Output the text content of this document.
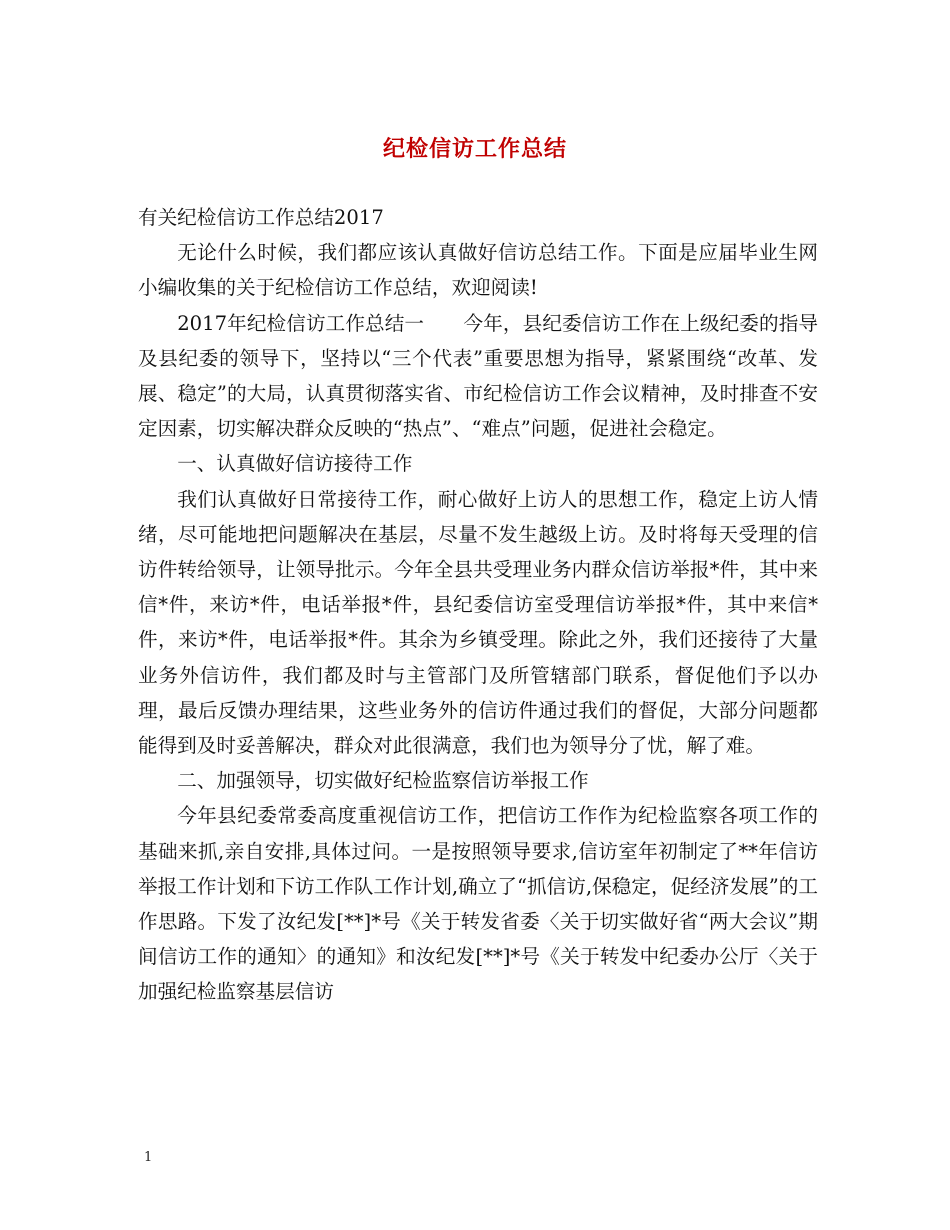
纪检信访工作总结

有关纪检信访工作总结2017

无论什么时候，我们都应该认真做好信访总结工作。下面是应届毕业生网小编收集的关于纪检信访工作总结，欢迎阅读!

2017年纪检信访工作总结一　　今年，县纪委信访工作在上级纪委的指导及县纪委的领导下，坚持以“三个代表”重要思想为指导，紧紧围绕“改革、发展、稳定”的大局，认真贯彻落实省、市纪检信访工作会议精神，及时排查不安定因素，切实解决群众反映的“热点”、“难点”问题，促进社会稳定。

一、认真做好信访接待工作

我们认真做好日常接待工作，耐心做好上访人的思想工作，稳定上访人情绪，尽可能地把问题解决在基层，尽量不发生越级上访。及时将每天受理的信访件转给领导，让领导批示。今年全县共受理业务内群众信访举报*件，其中来信*件，来访*件，电话举报*件，县纪委信访室受理信访举报*件，其中来信*件，来访*件，电话举报*件。其余为乡镇受理。除此之外，我们还接待了大量业务外信访件，我们都及时与主管部门及所管辖部门联系，督促他们予以办理，最后反馈办理结果，这些业务外的信访件通过我们的督促，大部分问题都能得到及时妥善解决，群众对此很满意，我们也为领导分了忧，解了难。

二、加强领导，切实做好纪检监察信访举报工作

今年县纪委常委高度重视信访工作，把信访工作作为纪检监察各项工作的基础来抓,亲自安排,具体过问。一是按照领导要求,信访室年初制定了**年信访举报工作计划和下访工作队工作计划,确立了“抓信访,保稳定，促经济发展”的工作思路。下发了汝纪发[**]*号《关于转发省委〈关于切实做好省“两大会议”期间信访工作的通知〉的通知》和汝纪发[**]*号《关于转发中纪委办公厅〈关于加强纪检监察基层信访

1
